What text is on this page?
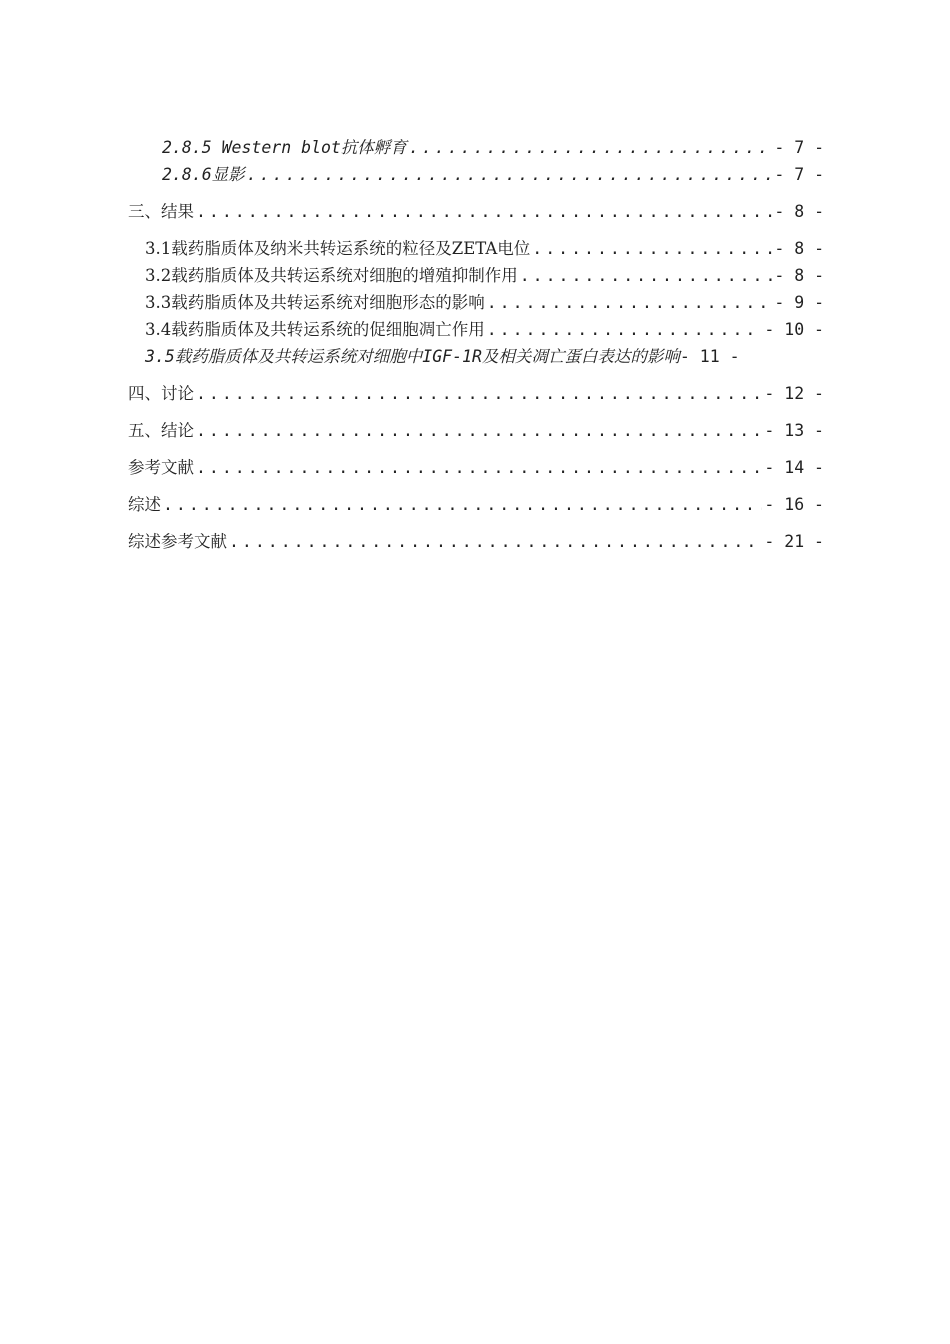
2.8.5 Western blot抗体孵育 .....	- 7 -
2.8.6显影 .....	- 7 -
三、结果 .....	- 8 -
3.1载药脂质体及纳米共转运系统的粒径及ZETA电位 .....	- 8 -
3.2载药脂质体及共转运系统对细胞的增殖抑制作用 .....	- 8 -
3.3载药脂质体及共转运系统对细胞形态的影响 .....	- 9 -
3.4载药脂质体及共转运系统的促细胞凋亡作用 .....	- 10 -
3.5载药脂质体及共转运系统对细胞中IGF-1R及相关凋亡蛋白表达的影响 - 11 -
四、讨论 .....	- 12 -
五、结论 .....	- 13 -
参考文献 .....	- 14 -
综述 .....	- 16 -
综述参考文献 .....	- 21 -
